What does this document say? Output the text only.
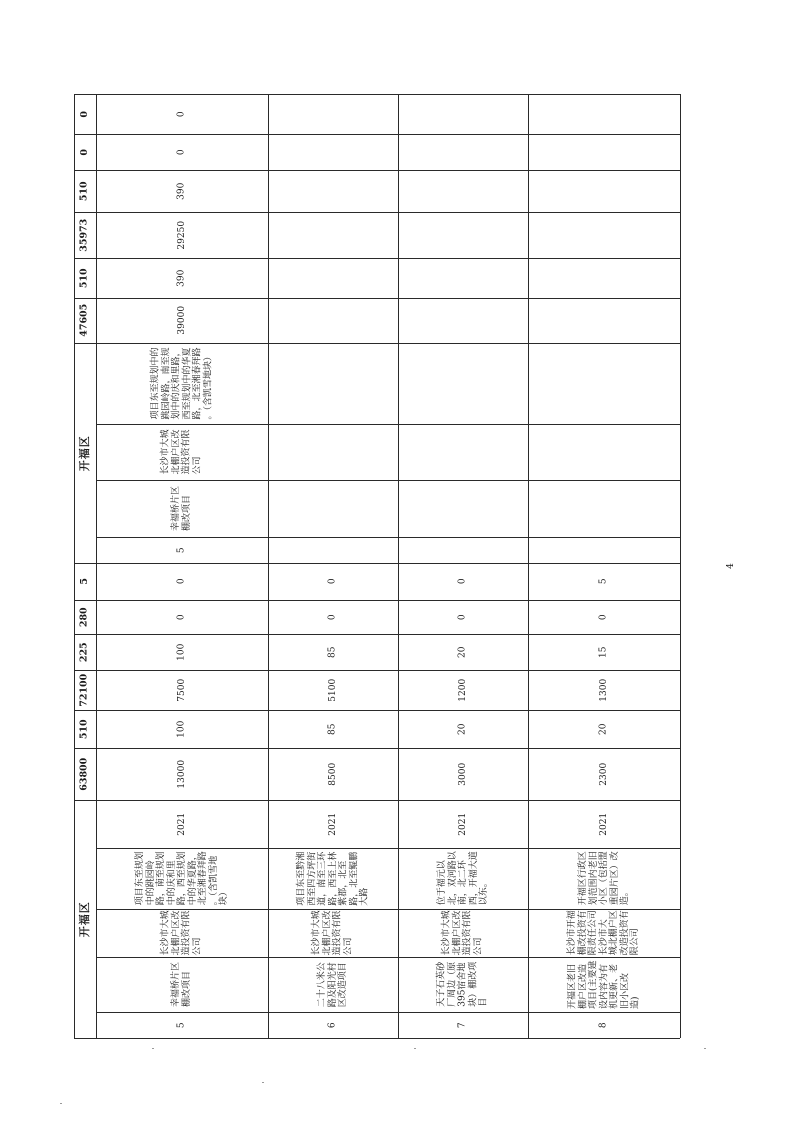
0
0
510
35973
510
47605
开福区
0
0
390
29250
390
39000
项目东至规划中的
跳园岭路，南至规
划中的庆和里路，
西至规划中的华夏
路，北至湘春拜路
。（含凯雪地块）
长沙市大城
北棚户区改
造投资有限
公司
幸福桥片区
棚改项目
5
5
280
225
72100
510
63800
开福区
0
0
100
7500
100
13000
2021
项目东至规划
中的跳园岭
路，南至规划
中的庆和里
路，西至规划
中的华夏路，
北至湘春拜路
。（含凯雪地
块）
长沙市大城
北棚户区改
造投资有限
公司
幸福桥片区
棚改项目
5
0
0
85
5100
85
8500
2021
项目东至黔湘
西至四方坪街
道，南至三环
路，西至上林
紫郡，北至
路，北至鲲鹏
大路
长沙市大城
北棚户区改
造投资有限
公司
二十八米公
路及阳光村
区改造项目
6
0
0
20
1200
20
3000
2021
位于福元以
北，双河路以
南，北二环
西，开福大道
以东。
长沙市大城
北棚户区改
造投资有限
公司
天子石英砂
厂周边（原
395宿舍地
块）棚改项
目
7
5
0
15
1300
20
2300
2021
开福区行政区
划范围内老旧
小区（包括盟
重园片区）改
造。
长沙市开福
棚改投资有
限责任公司
长沙市大
城北棚户区
改造投资有
限公司
开福区老旧
棚户区改造
项目(主要建
设内容为有
机更新、老
旧小区改
造)
8
4
